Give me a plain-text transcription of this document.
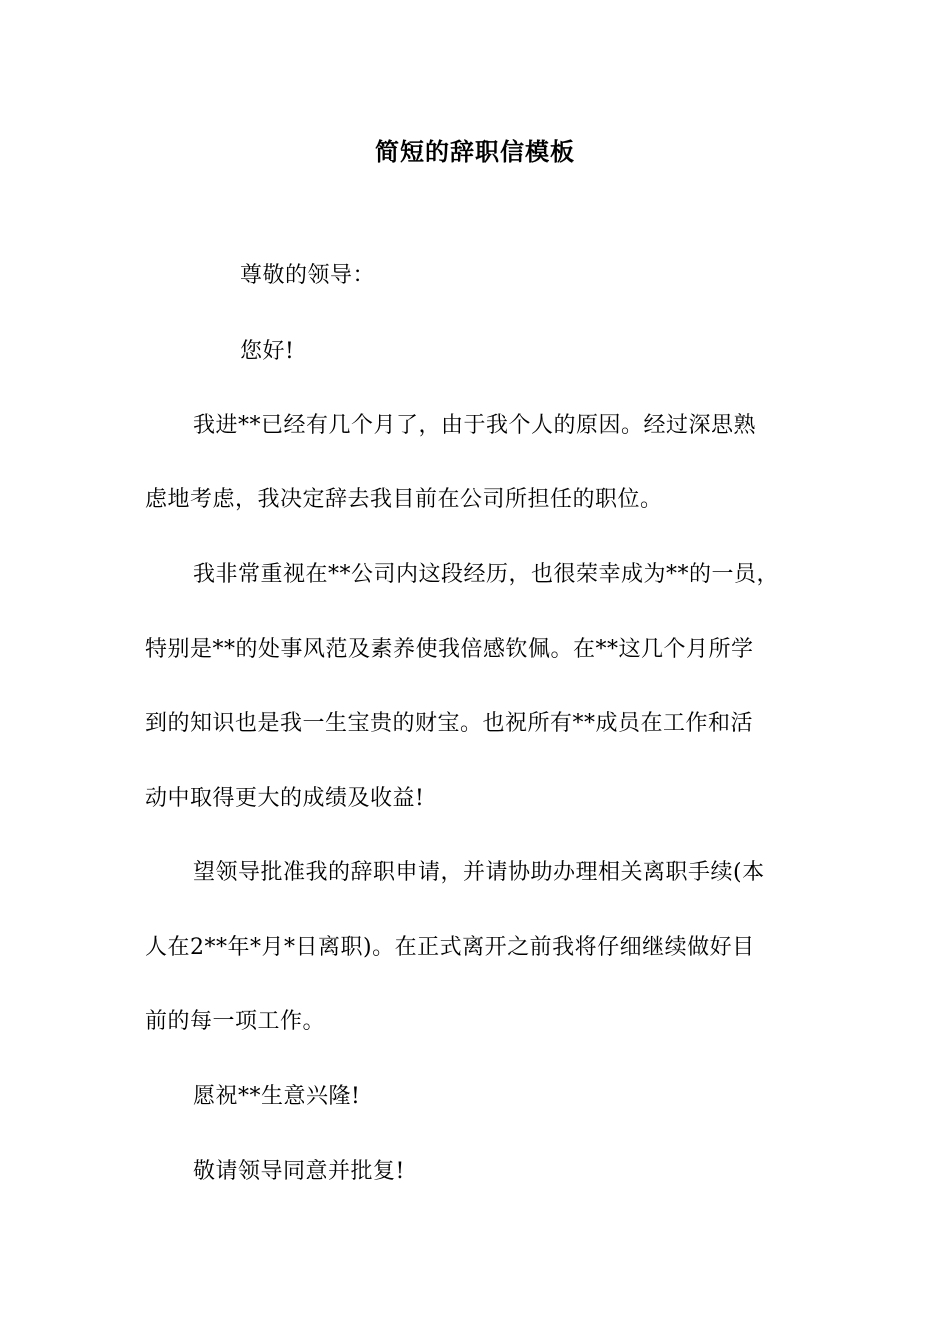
简短的辞职信模板
尊敬的领导：
您好!
我进**已经有几个月了，由于我个人的原因。经过深思熟
虑地考虑，我决定辞去我目前在公司所担任的职位。
我非常重视在**公司内这段经历，也很荣幸成为**的一员，
特别是**的处事风范及素养使我倍感钦佩。在**这几个月所学
到的知识也是我一生宝贵的财宝。也祝所有**成员在工作和活
动中取得更大的成绩及收益!
望领导批准我的辞职申请，并请协助办理相关离职手续(本
人在2**年*月*日离职)。在正式离开之前我将仔细继续做好目
前的每一项工作。
愿祝**生意兴隆!
敬请领导同意并批复!
